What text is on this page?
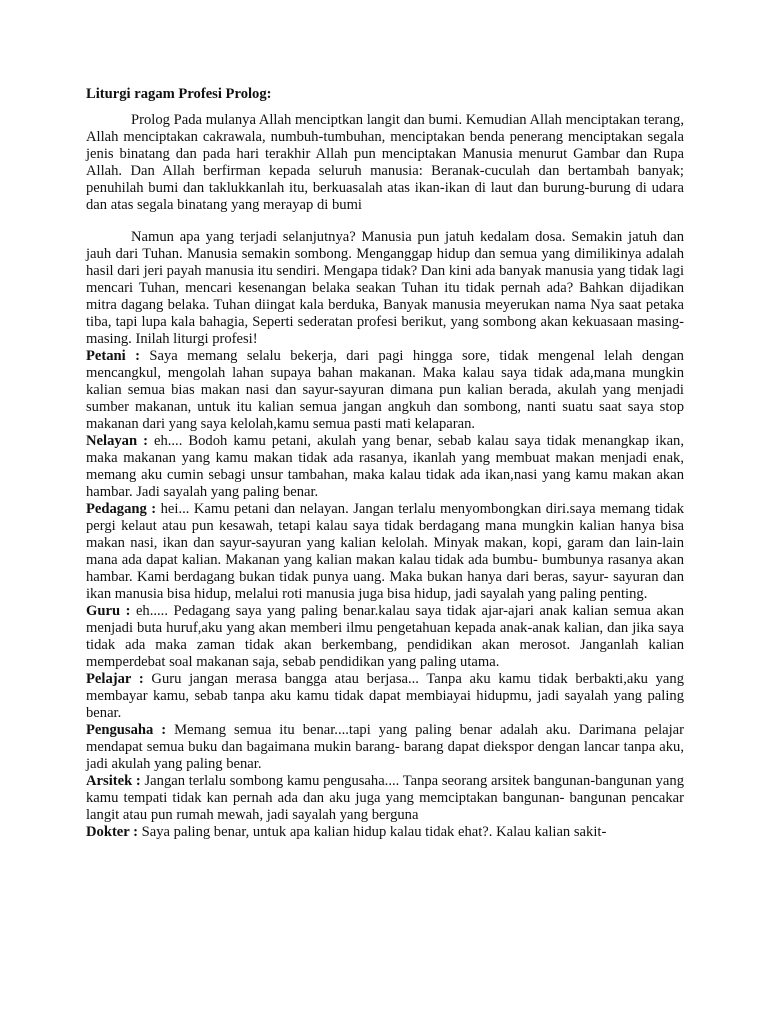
Liturgi ragam Profesi Prolog:

Prolog Pada mulanya Allah menciptkan langit dan bumi. Kemudian Allah menciptakan terang, Allah menciptakan cakrawala, numbuh-tumbuhan, menciptakan benda penerang menciptakan segala jenis binatang dan pada hari terakhir Allah pun menciptakan Manusia menurut Gambar dan Rupa Allah. Dan Allah berfirman kepada seluruh manusia: Beranak-cuculah dan bertambah banyak; penuhilah bumi dan taklukkanlah itu, berkuasalah atas ikan-ikan di laut dan burung-burung di udara dan atas segala binatang yang merayap di bumi

Namun apa yang terjadi selanjutnya? Manusia pun jatuh kedalam dosa. Semakin jatuh dan jauh dari Tuhan. Manusia semakin sombong. Menganggap hidup dan semua yang dimilikinya adalah hasil dari jeri payah manusia itu sendiri. Mengapa tidak? Dan kini ada banyak manusia yang tidak lagi mencari Tuhan, mencari kesenangan belaka seakan Tuhan itu tidak pernah ada? Bahkan dijadikan mitra dagang belaka. Tuhan diingat kala berduka, Banyak manusia meyerukan nama Nya saat petaka tiba, tapi lupa kala bahagia, Seperti sederatan profesi berikut, yang sombong akan kekuasaan masing-masing. Inilah liturgi profesi!

Petani : Saya memang selalu bekerja, dari pagi hingga sore, tidak mengenal lelah dengan mencangkul, mengolah lahan supaya bahan makanan. Maka kalau saya tidak ada,mana mungkin kalian semua bias makan nasi dan sayur-sayuran dimana pun kalian berada, akulah yang menjadi sumber makanan, untuk itu kalian semua jangan angkuh dan sombong, nanti suatu saat saya stop makanan dari yang saya kelolah,kamu semua pasti mati kelaparan.

Nelayan : eh.... Bodoh kamu petani, akulah yang benar, sebab kalau saya tidak menangkap ikan, maka makanan yang kamu makan tidak ada rasanya, ikanlah yang membuat makan menjadi enak, memang aku cumin sebagi unsur tambahan, maka kalau tidak ada ikan,nasi yang kamu makan akan hambar. Jadi sayalah yang paling benar.

Pedagang : hei... Kamu petani dan nelayan. Jangan terlalu menyombongkan diri.saya memang tidak pergi kelaut atau pun kesawah, tetapi kalau saya tidak berdagang mana mungkin kalian hanya bisa makan nasi, ikan dan sayur-sayuran yang kalian kelolah. Minyak makan, kopi, garam dan lain-lain mana ada dapat kalian. Makanan yang kalian makan kalau tidak ada bumbu- bumbunya rasanya akan hambar. Kami berdagang bukan tidak punya uang. Maka bukan hanya dari beras, sayur- sayuran dan ikan manusia bisa hidup, melalui roti manusia juga bisa hidup, jadi sayalah yang paling penting.

Guru : eh..... Pedagang saya yang paling benar.kalau saya tidak ajar-ajari anak kalian semua akan menjadi buta huruf,aku yang akan memberi ilmu pengetahuan kepada anak-anak kalian, dan jika saya tidak ada maka zaman tidak akan berkembang, pendidikan akan merosot. Janganlah kalian memperdebat soal makanan saja, sebab pendidikan yang paling utama.

Pelajar : Guru jangan merasa bangga atau berjasa... Tanpa aku kamu tidak berbakti,aku yang membayar kamu, sebab tanpa aku kamu tidak dapat membiayai hidupmu, jadi sayalah yang paling benar.

Pengusaha : Memang semua itu benar....tapi yang paling benar adalah aku. Darimana pelajar mendapat semua buku dan bagaimana mukin barang- barang dapat diekspor dengan lancar tanpa aku, jadi akulah yang paling benar.

Arsitek : Jangan terlalu sombong kamu pengusaha.... Tanpa seorang arsitek bangunan-bangunan yang kamu tempati tidak kan pernah ada dan aku juga yang memciptakan bangunan- bangunan pencakar langit atau pun rumah mewah, jadi sayalah yang berguna

Dokter : Saya paling benar, untuk apa kalian hidup kalau tidak ehat?. Kalau kalian sakit-
